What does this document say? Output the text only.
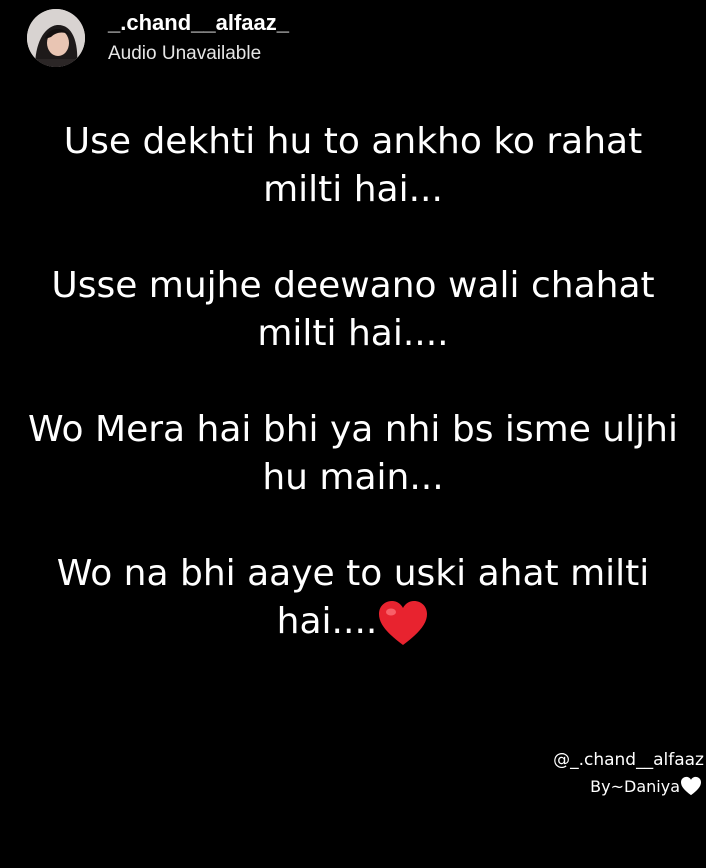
_.chand__alfaaz_
Audio Unavailable

Use dekhti hu to ankho ko rahat

milti hai...

Usse mujhe deewano wali chahat

milti hai....

Wo Mera hai bhi ya nhi bs isme uljhi

hu main...

Wo na bhi aaye to uski ahat milti

hai....

@_.chand__alfaaz
By~Daniya
